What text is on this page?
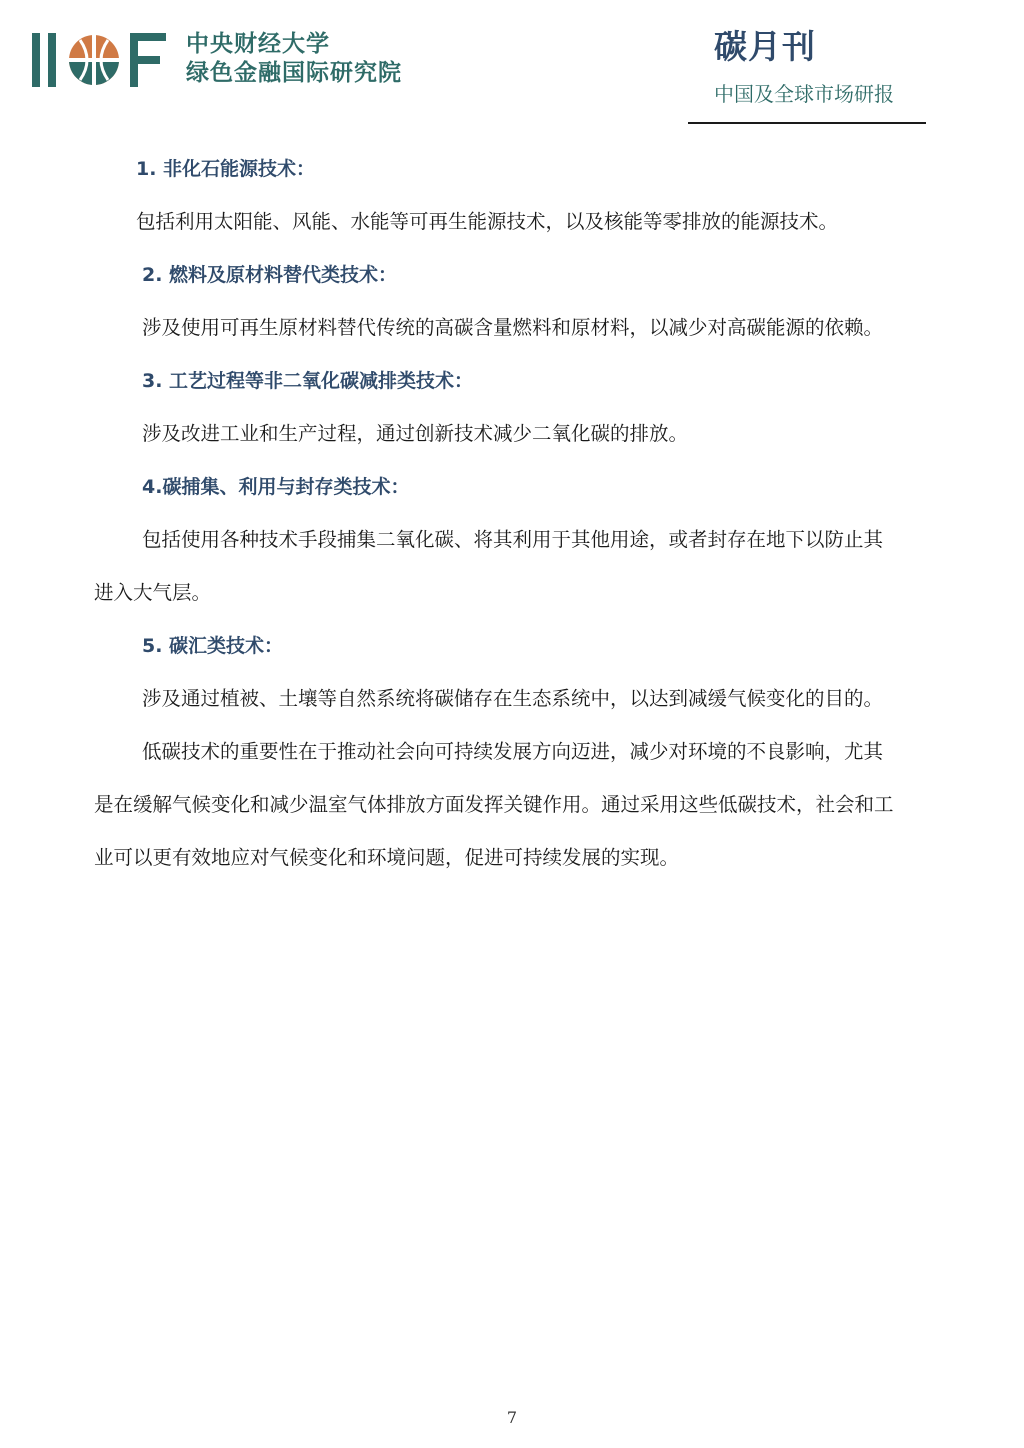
中央财经大学
绿色金融国际研究院
碳月刊
中国及全球市场研报
1. 非化石能源技术：
包括利用太阳能、风能、水能等可再生能源技术，以及核能等零排放的能源技术。
2. 燃料及原材料替代类技术：
涉及使用可再生原材料替代传统的高碳含量燃料和原材料，以减少对高碳能源的依赖。
3. 工艺过程等非二氧化碳减排类技术：
涉及改进工业和生产过程，通过创新技术减少二氧化碳的排放。
4.碳捕集、利用与封存类技术：
包括使用各种技术手段捕集二氧化碳、将其利用于其他用途，或者封存在地下以防止其
进入大气层。
5. 碳汇类技术：
涉及通过植被、土壤等自然系统将碳储存在生态系统中，以达到减缓气候变化的目的。
低碳技术的重要性在于推动社会向可持续发展方向迈进，减少对环境的不良影响，尤其
是在缓解气候变化和减少温室气体排放方面发挥关键作用。通过采用这些低碳技术，社会和工
业可以更有效地应对气候变化和环境问题，促进可持续发展的实现。
7
